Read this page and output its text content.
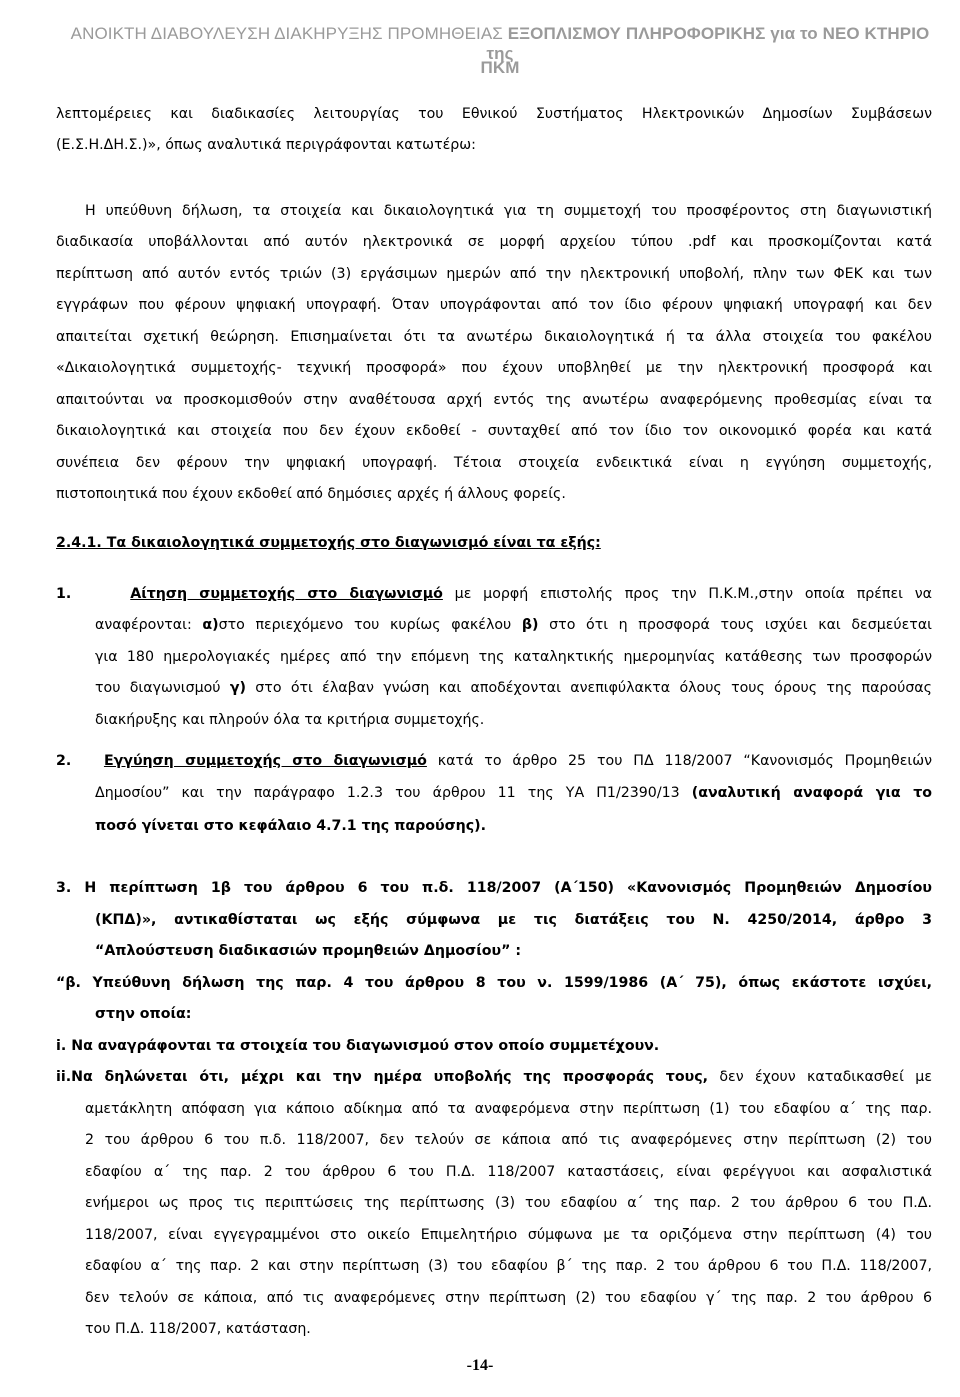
ΑΝΟΙΚΤΗ ΔΙΑΒΟΥΛΕΥΣΗ ΔΙΑΚΗΡΥΞΗΣ ΠΡΟΜΗΘΕΙΑΣ ΕΞΟΠΛΙΣΜΟΥ ΠΛΗΡΟΦΟΡΙΚΗΣ για το ΝΕΟ ΚΤΗΡΙΟ της
ΠΚΜ
λεπτομέρειες και διαδικασίες λειτουργίας του Εθνικού Συστήματος Ηλεκτρονικών Δημοσίων Συμβάσεων
(Ε.Σ.Η.ΔΗ.Σ.)», όπως αναλυτικά περιγράφονται κατωτέρω:
Η υπεύθυνη δήλωση, τα στοιχεία και δικαιολογητικά για τη συμμετοχή του προσφέροντος στη διαγωνιστική
διαδικασία υποβάλλονται από αυτόν ηλεκτρονικά σε μορφή αρχείου τύπου .pdf και προσκομίζονται κατά
περίπτωση από αυτόν εντός τριών (3) εργάσιμων ημερών από την ηλεκτρονική υποβολή, πλην των ΦΕΚ και των
εγγράφων που φέρουν ψηφιακή υπογραφή. Όταν υπογράφονται από τον ίδιο φέρουν ψηφιακή υπογραφή και δεν
απαιτείται σχετική θεώρηση. Επισημαίνεται ότι τα ανωτέρω δικαιολογητικά ή τα άλλα στοιχεία του φακέλου
«Δικαιολογητικά συμμετοχής- τεχνική προσφορά» που έχουν υποβληθεί με την ηλεκτρονική προσφορά και
απαιτούνται να προσκομισθούν στην αναθέτουσα αρχή εντός της ανωτέρω αναφερόμενης προθεσμίας είναι τα
δικαιολογητικά και στοιχεία που δεν έχουν εκδοθεί - συνταχθεί από τον ίδιο τον οικονομικό φορέα και κατά
συνέπεια δεν φέρουν την ψηφιακή υπογραφή. Τέτοια στοιχεία ενδεικτικά είναι η εγγύηση συμμετοχής,
πιστοποιητικά που έχουν εκδοθεί από δημόσιες αρχές ή άλλους φορείς.
2.4.1. Τα δικαιολογητικά συμμετοχής στο διαγωνισμό είναι τα εξής:
1.	Αίτηση συμμετοχής στο διαγωνισμό με μορφή επιστολής προς την Π.Κ.Μ.,στην οποία πρέπει να
αναφέρονται: α)στο περιεχόμενο του κυρίως φακέλου β) στο ότι η προσφορά τους ισχύει και δεσμεύεται
για 180 ημερολογιακές ημέρες από την επόμενη της καταληκτικής ημερομηνίας κατάθεσης των προσφορών
του διαγωνισμού γ) στο ότι έλαβαν γνώση και αποδέχονται ανεπιφύλακτα όλους τους όρους της παρούσας
διακήρυξης και πληρούν όλα τα κριτήρια συμμετοχής.
2. Εγγύηση συμμετοχής στο διαγωνισμό κατά το άρθρο 25 του ΠΔ 118/2007 “Κανονισμός Προμηθειών
Δημοσίου” και την παράγραφο 1.2.3 του άρθρου 11 της ΥΑ Π1/2390/13 (αναλυτική αναφορά για το
ποσό γίνεται στο κεφάλαιο 4.7.1 της παρούσης).
3. Η περίπτωση 1β του άρθρου 6 του π.δ. 118/2007 (Α΄150) «Κανονισμός Προμηθειών Δημοσίου
(ΚΠΔ)», αντικαθίσταται ως εξής σύμφωνα με τις διατάξεις του Ν. 4250/2014, άρθρο 3
“Απλούστευση διαδικασιών προμηθειών Δημοσίου” :
“β. Υπεύθυνη δήλωση της παρ. 4 του άρθρου 8 του ν. 1599/1986 (Α΄ 75), όπως εκάστοτε ισχύει,
στην οποία:
i. Να αναγράφονται τα στοιχεία του διαγωνισμού στον οποίο συμμετέχουν.
ii.Να δηλώνεται ότι, μέχρι και την ημέρα υποβολής της προσφοράς τους, δεν έχουν καταδικασθεί με
αμετάκλητη απόφαση για κάποιο αδίκημα από τα αναφερόμενα στην περίπτωση (1) του εδαφίου α΄ της παρ.
2 του άρθρου 6 του π.δ. 118/2007, δεν τελούν σε κάποια από τις αναφερόμενες στην περίπτωση (2) του
εδαφίου α΄ της παρ. 2 του άρθρου 6 του Π.Δ. 118/2007 καταστάσεις, είναι φερέγγυοι και ασφαλιστικά
ενήμεροι ως προς τις περιπτώσεις της περίπτωσης (3) του εδαφίου α΄ της παρ. 2 του άρθρου 6 του Π.Δ.
118/2007, είναι εγγεγραμμένοι στο οικείο Επιμελητήριο σύμφωνα με τα οριζόμενα στην περίπτωση (4) του
εδαφίου α΄ της παρ. 2 και στην περίπτωση (3) του εδαφίου β΄ της παρ. 2 του άρθρου 6 του Π.Δ. 118/2007,
δεν τελούν σε κάποια, από τις αναφερόμενες στην περίπτωση (2) του εδαφίου γ΄ της παρ. 2 του άρθρου 6
του Π.Δ. 118/2007, κατάσταση.
-14-
